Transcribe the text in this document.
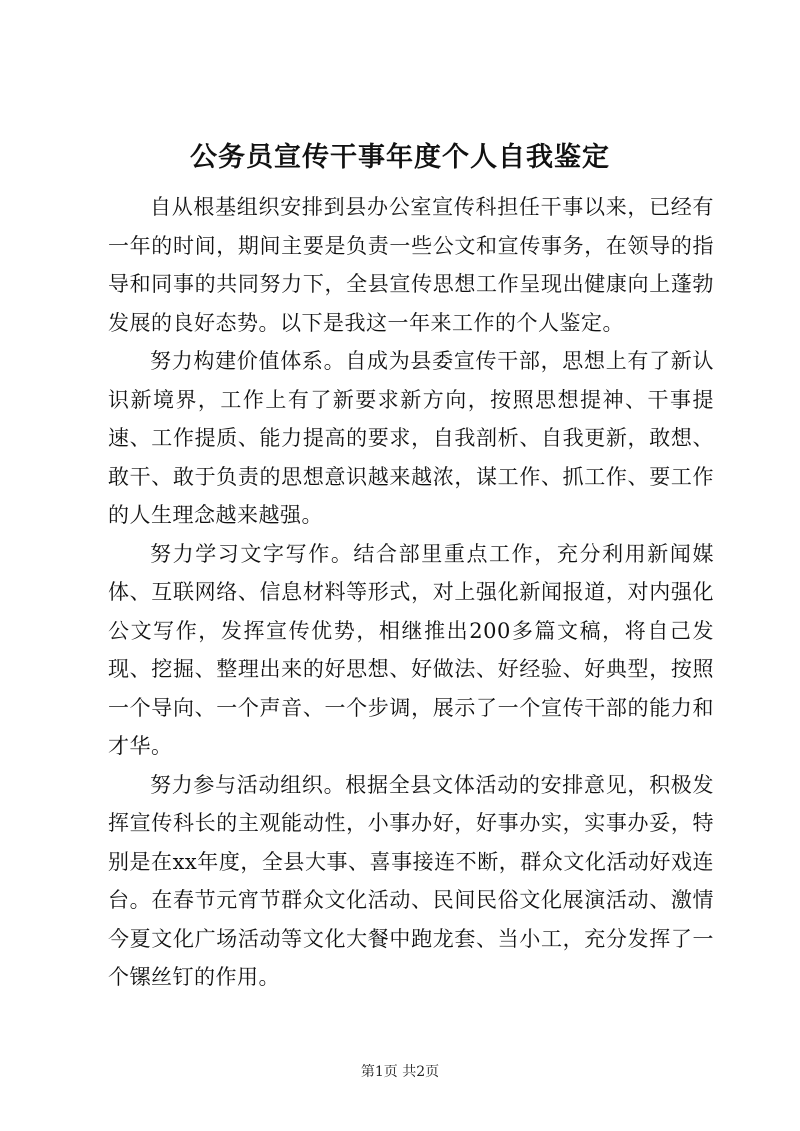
公务员宣传干事年度个人自我鉴定

自从根基组织安排到县办公室宣传科担任干事以来，已经有一年的时间，期间主要是负责一些公文和宣传事务，在领导的指导和同事的共同努力下，全县宣传思想工作呈现出健康向上蓬勃发展的良好态势。以下是我这一年来工作的个人鉴定。

努力构建价值体系。自成为县委宣传干部，思想上有了新认识新境界，工作上有了新要求新方向，按照思想提神、干事提速、工作提质、能力提高的要求，自我剖析、自我更新，敢想、敢干、敢于负责的思想意识越来越浓，谋工作、抓工作、要工作的人生理念越来越强。

努力学习文字写作。结合部里重点工作，充分利用新闻媒体、互联网络、信息材料等形式，对上强化新闻报道，对内强化公文写作，发挥宣传优势，相继推出200多篇文稿，将自己发现、挖掘、整理出来的好思想、好做法、好经验、好典型，按照一个导向、一个声音、一个步调，展示了一个宣传干部的能力和才华。

努力参与活动组织。根据全县文体活动的安排意见，积极发挥宣传科长的主观能动性，小事办好，好事办实，实事办妥，特别是在xx年度，全县大事、喜事接连不断，群众文化活动好戏连台。在春节元宵节群众文化活动、民间民俗文化展演活动、激情今夏文化广场活动等文化大餐中跑龙套、当小工，充分发挥了一个镙丝钉的作用。

第1页 共2页
